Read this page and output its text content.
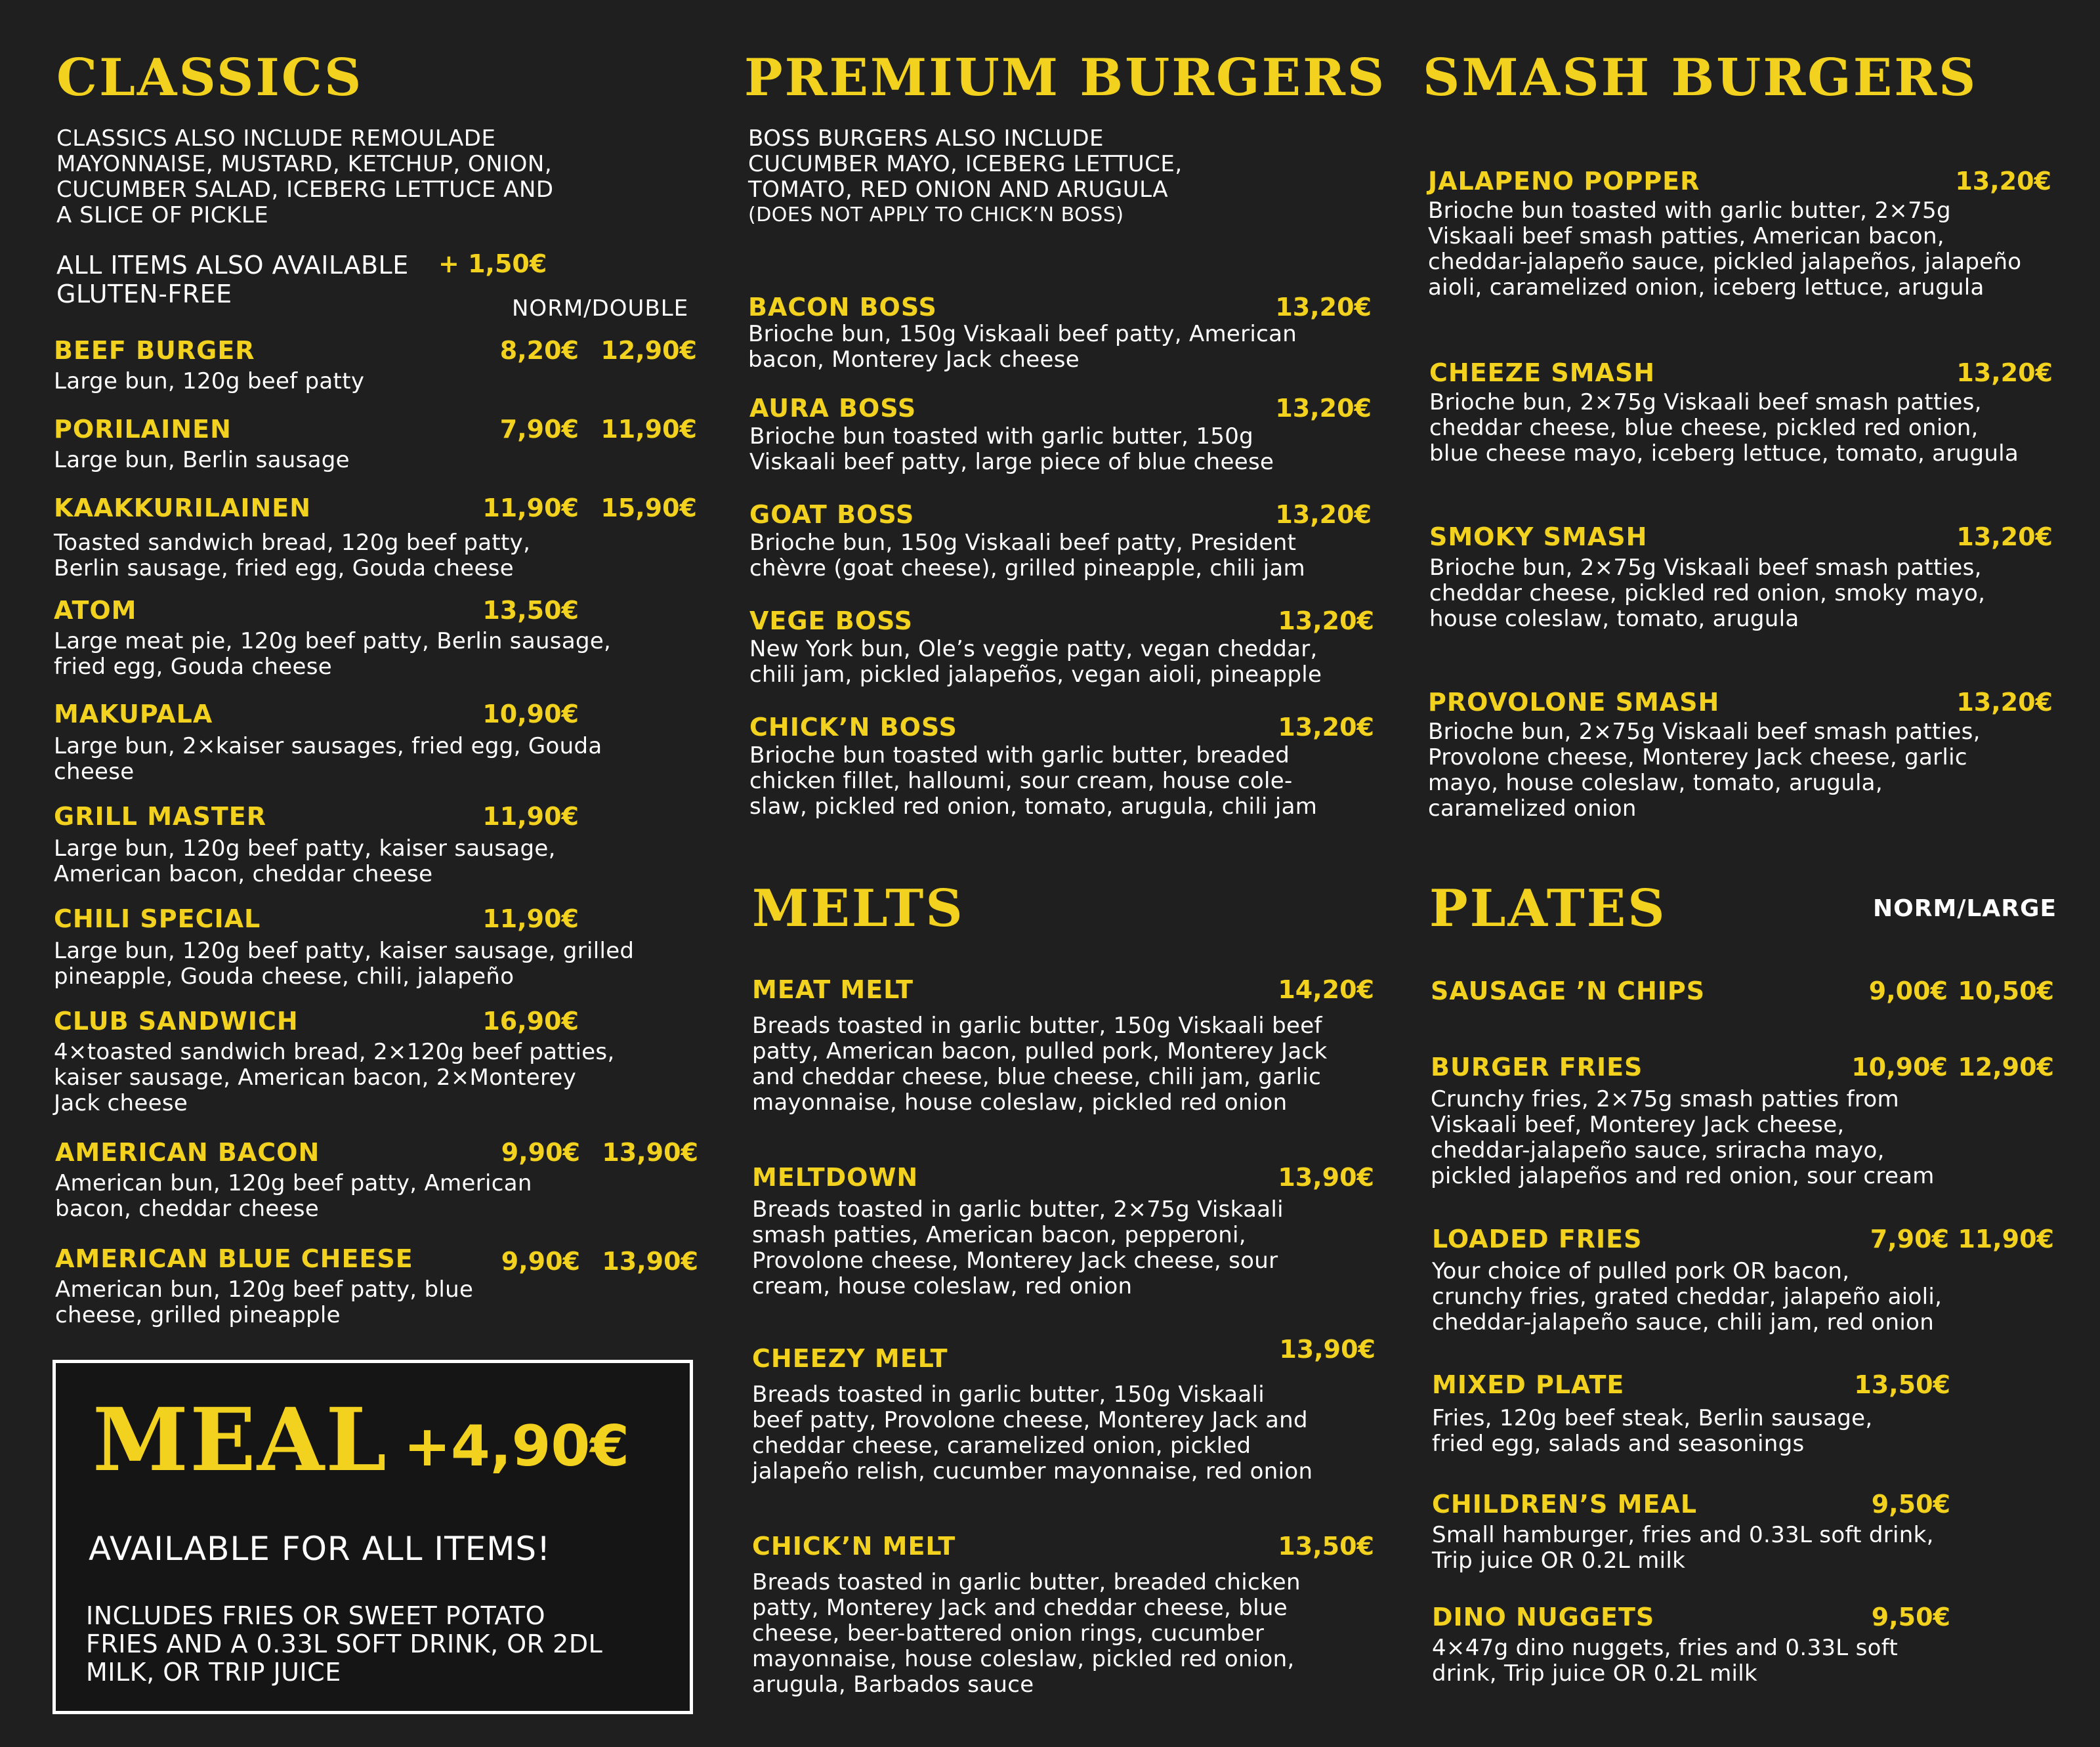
CLASSICS
CLASSICS ALSO INCLUDE REMOULADE
MAYONNAISE, MUSTARD, KETCHUP, ONION,
CUCUMBER SALAD, ICEBERG LETTUCE AND
A SLICE OF PICKLE
ALL ITEMS ALSO AVAILABLE
GLUTEN-FREE
+ 1,50€
NORM/DOUBLE
BEEF BURGER	8,20€ 12,90€
Large bun, 120g beef patty
PORILAINEN	7,90€ 11,90€
Large bun, Berlin sausage
KAAKKURILAINEN	11,90€ 15,90€
Toasted sandwich bread, 120g beef patty,
Berlin sausage, fried egg, Gouda cheese
ATOM	13,50€
Large meat pie, 120g beef patty, Berlin sausage,
fried egg, Gouda cheese
MAKUPALA	10,90€
Large bun, 2×kaiser sausages, fried egg, Gouda
cheese
GRILL MASTER	11,90€
Large bun, 120g beef patty, kaiser sausage,
American bacon, cheddar cheese
CHILI SPECIAL	11,90€
Large bun, 120g beef patty, kaiser sausage, grilled
pineapple, Gouda cheese, chili, jalapeño
CLUB SANDWICH	16,90€
4×toasted sandwich bread, 2×120g beef patties,
kaiser sausage, American bacon, 2×Monterey
Jack cheese
AMERICAN BACON	9,90€ 13,90€
American bun, 120g beef patty, American
bacon, cheddar cheese
AMERICAN BLUE CHEESE	9,90€ 13,90€
American bun, 120g beef patty, blue
cheese, grilled pineapple
MEAL +4,90€
AVAILABLE FOR ALL ITEMS!
INCLUDES FRIES OR SWEET POTATO
FRIES AND A 0.33L SOFT DRINK, OR 2DL
MILK, OR TRIP JUICE
PREMIUM BURGERS
BOSS BURGERS ALSO INCLUDE
CUCUMBER MAYO, ICEBERG LETTUCE,
TOMATO, RED ONION AND ARUGULA
(DOES NOT APPLY TO CHICK’N BOSS)
BACON BOSS	13,20€
Brioche bun, 150g Viskaali beef patty, American
bacon, Monterey Jack cheese
AURA BOSS	13,20€
Brioche bun toasted with garlic butter, 150g
Viskaali beef patty, large piece of blue cheese
GOAT BOSS	13,20€
Brioche bun, 150g Viskaali beef patty, President
chèvre (goat cheese), grilled pineapple, chili jam
VEGE BOSS	13,20€
New York bun, Ole’s veggie patty, vegan cheddar,
chili jam, pickled jalapeños, vegan aioli, pineapple
CHICK’N BOSS	13,20€
Brioche bun toasted with garlic butter, breaded
chicken fillet, halloumi, sour cream, house cole-
slaw, pickled red onion, tomato, arugula, chili jam
MELTS
MEAT MELT	14,20€
Breads toasted in garlic butter, 150g Viskaali beef
patty, American bacon, pulled pork, Monterey Jack
and cheddar cheese, blue cheese, chili jam, garlic
mayonnaise, house coleslaw, pickled red onion
MELTDOWN	13,90€
Breads toasted in garlic butter, 2×75g Viskaali
smash patties, American bacon, pepperoni,
Provolone cheese, Monterey Jack cheese, sour
cream, house coleslaw, red onion
CHEEZY MELT	13,90€
Breads toasted in garlic butter, 150g Viskaali
beef patty, Provolone cheese, Monterey Jack and
cheddar cheese, caramelized onion, pickled
jalapeño relish, cucumber mayonnaise, red onion
CHICK’N MELT	13,50€
Breads toasted in garlic butter, breaded chicken
patty, Monterey Jack and cheddar cheese, blue
cheese, beer-battered onion rings, cucumber
mayonnaise, house coleslaw, pickled red onion,
arugula, Barbados sauce
SMASH BURGERS
JALAPENO POPPER	13,20€
Brioche bun toasted with garlic butter, 2×75g
Viskaali beef smash patties, American bacon,
cheddar-jalapeño sauce, pickled jalapeños, jalapeño
aioli, caramelized onion, iceberg lettuce, arugula
CHEEZE SMASH	13,20€
Brioche bun, 2×75g Viskaali beef smash patties,
cheddar cheese, blue cheese, pickled red onion,
blue cheese mayo, iceberg lettuce, tomato, arugula
SMOKY SMASH	13,20€
Brioche bun, 2×75g Viskaali beef smash patties,
cheddar cheese, pickled red onion, smoky mayo,
house coleslaw, tomato, arugula
PROVOLONE SMASH	13,20€
Brioche bun, 2×75g Viskaali beef smash patties,
Provolone cheese, Monterey Jack cheese, garlic
mayo, house coleslaw, tomato, arugula,
caramelized onion
PLATES	NORM/LARGE
SAUSAGE ’N CHIPS	9,00€ 10,50€
BURGER FRIES	10,90€ 12,90€
Crunchy fries, 2×75g smash patties from
Viskaali beef, Monterey Jack cheese,
cheddar-jalapeño sauce, sriracha mayo,
pickled jalapeños and red onion, sour cream
LOADED FRIES	7,90€ 11,90€
Your choice of pulled pork OR bacon,
crunchy fries, grated cheddar, jalapeño aioli,
cheddar-jalapeño sauce, chili jam, red onion
MIXED PLATE	13,50€
Fries, 120g beef steak, Berlin sausage,
fried egg, salads and seasonings
CHILDREN’S MEAL	9,50€
Small hamburger, fries and 0.33L soft drink,
Trip juice OR 0.2L milk
DINO NUGGETS	9,50€
4×47g dino nuggets, fries and 0.33L soft
drink, Trip juice OR 0.2L milk
